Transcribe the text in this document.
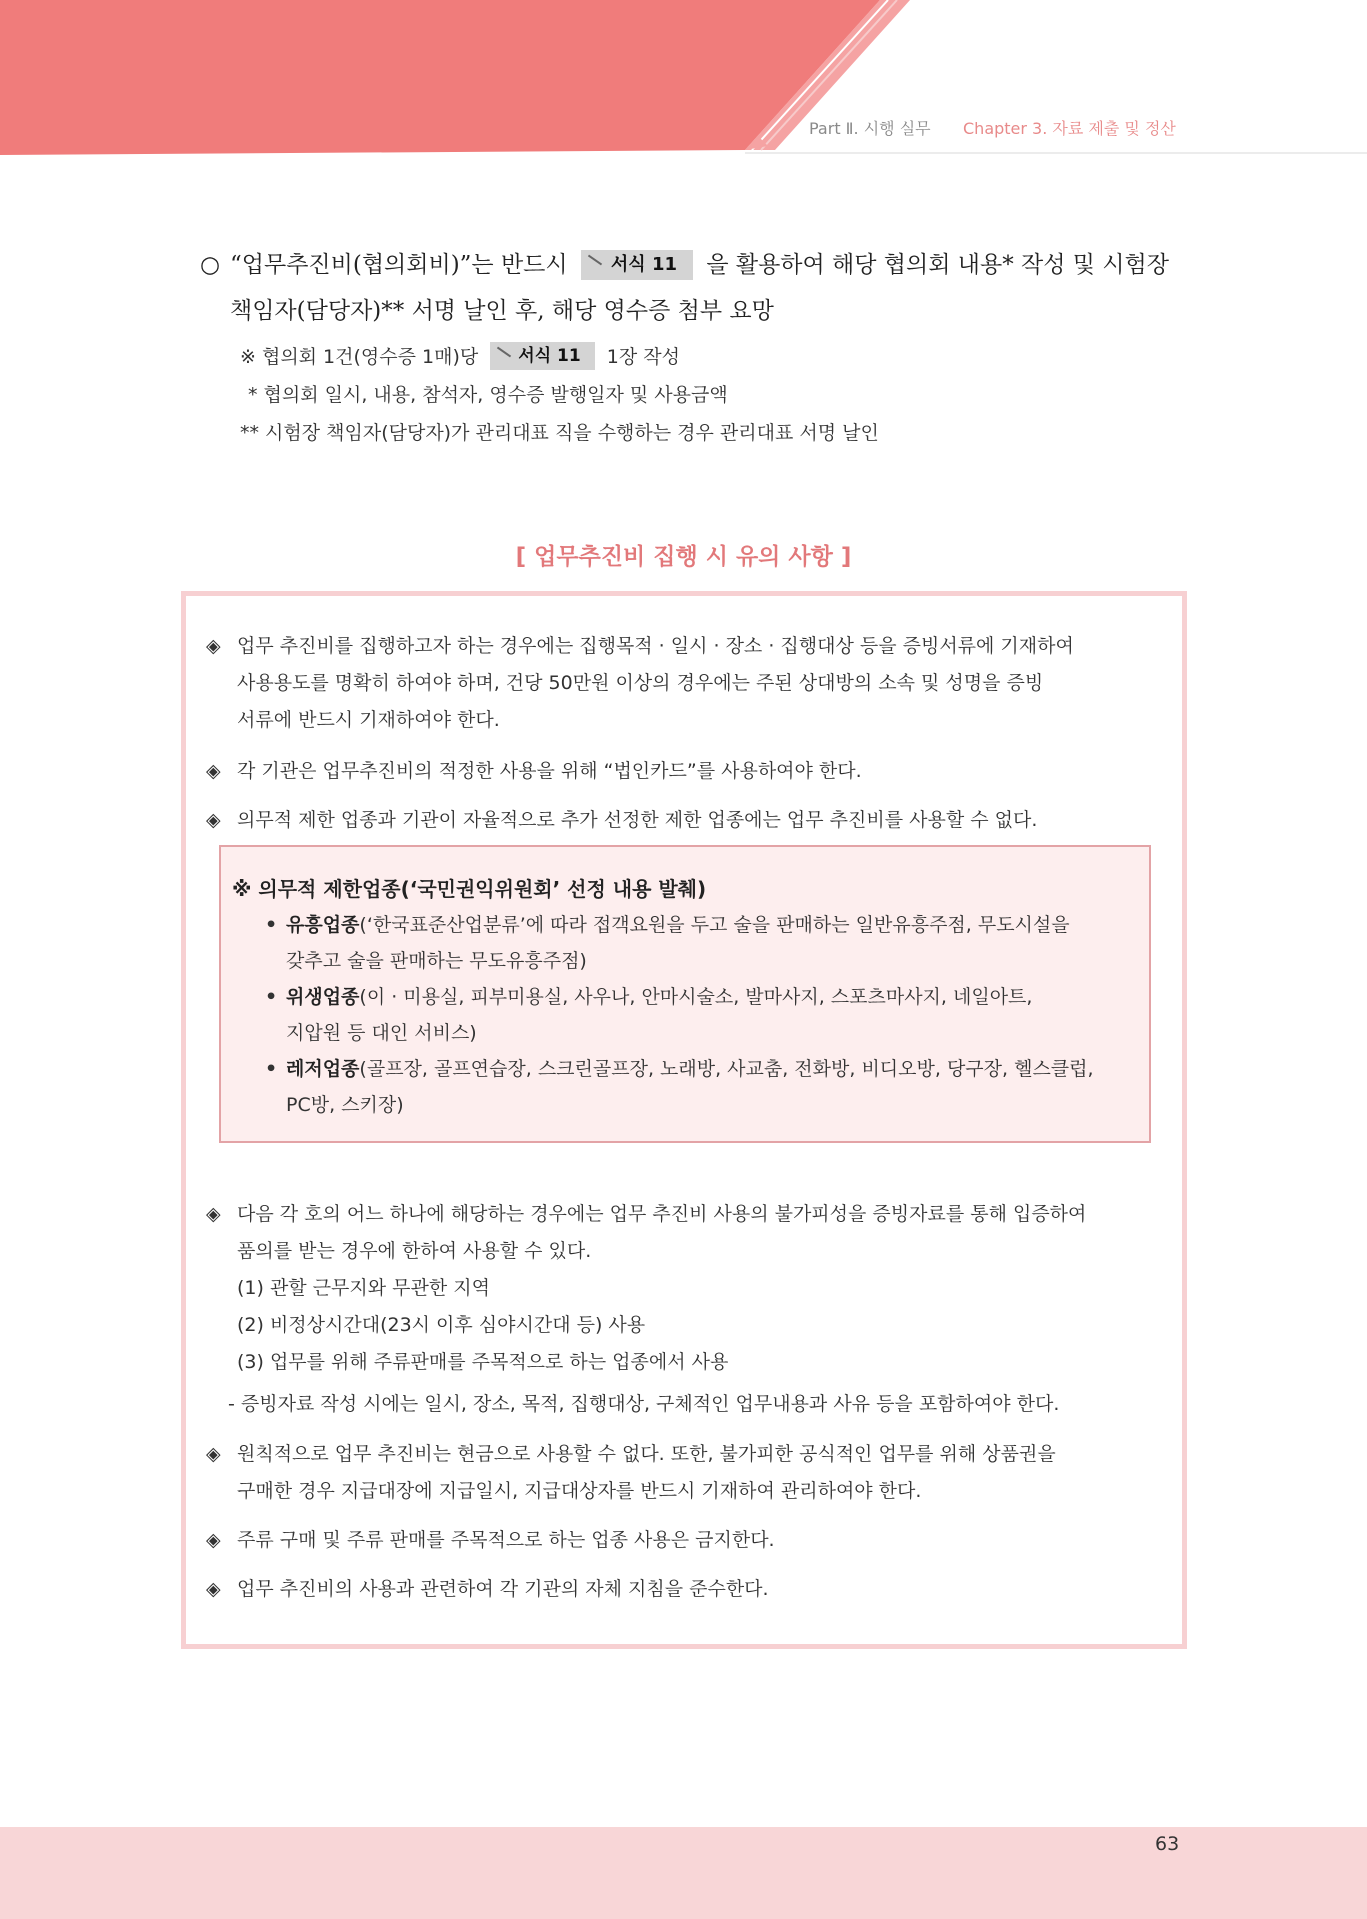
Part Ⅱ. 시행 실무 Chapter 3. 자료 제출 및 정산
○ “업무추진비(협의회비)”는 반드시 서식 11 을 활용하여 해당 협의회 내용* 작성 및 시험장
책임자(담당자)** 서명 날인 후, 해당 영수증 첨부 요망
※ 협의회 1건(영수증 1매)당 서식 11 1장 작성
* 협의회 일시, 내용, 참석자, 영수증 발행일자 및 사용금액
** 시험장 책임자(담당자)가 관리대표 직을 수행하는 경우 관리대표 서명 날인
[ 업무추진비 집행 시 유의 사항 ]
◈ 업무 추진비를 집행하고자 하는 경우에는 집행목적 · 일시 · 장소 · 집행대상 등을 증빙서류에 기재하여
사용용도를 명확히 하여야 하며, 건당 50만원 이상의 경우에는 주된 상대방의 소속 및 성명을 증빙
서류에 반드시 기재하여야 한다.
◈ 각 기관은 업무추진비의 적정한 사용을 위해 “법인카드”를 사용하여야 한다.
◈ 의무적 제한 업종과 기관이 자율적으로 추가 선정한 제한 업종에는 업무 추진비를 사용할 수 없다.
※ 의무적 제한업종(‘국민권익위원회’ 선정 내용 발췌)
• 유흥업종(‘한국표준산업분류’에 따라 접객요원을 두고 술을 판매하는 일반유흥주점, 무도시설을
갖추고 술을 판매하는 무도유흥주점)
• 위생업종(이 · 미용실, 피부미용실, 사우나, 안마시술소, 발마사지, 스포츠마사지, 네일아트,
지압원 등 대인 서비스)
• 레저업종(골프장, 골프연습장, 스크린골프장, 노래방, 사교춤, 전화방, 비디오방, 당구장, 헬스클럽,
PC방, 스키장)
◈ 다음 각 호의 어느 하나에 해당하는 경우에는 업무 추진비 사용의 불가피성을 증빙자료를 통해 입증하여
품의를 받는 경우에 한하여 사용할 수 있다.
(1) 관할 근무지와 무관한 지역
(2) 비정상시간대(23시 이후 심야시간대 등) 사용
(3) 업무를 위해 주류판매를 주목적으로 하는 업종에서 사용
- 증빙자료 작성 시에는 일시, 장소, 목적, 집행대상, 구체적인 업무내용과 사유 등을 포함하여야 한다.
◈ 원칙적으로 업무 추진비는 현금으로 사용할 수 없다. 또한, 불가피한 공식적인 업무를 위해 상품권을
구매한 경우 지급대장에 지급일시, 지급대상자를 반드시 기재하여 관리하여야 한다.
◈ 주류 구매 및 주류 판매를 주목적으로 하는 업종 사용은 금지한다.
◈ 업무 추진비의 사용과 관련하여 각 기관의 자체 지침을 준수한다.
63
